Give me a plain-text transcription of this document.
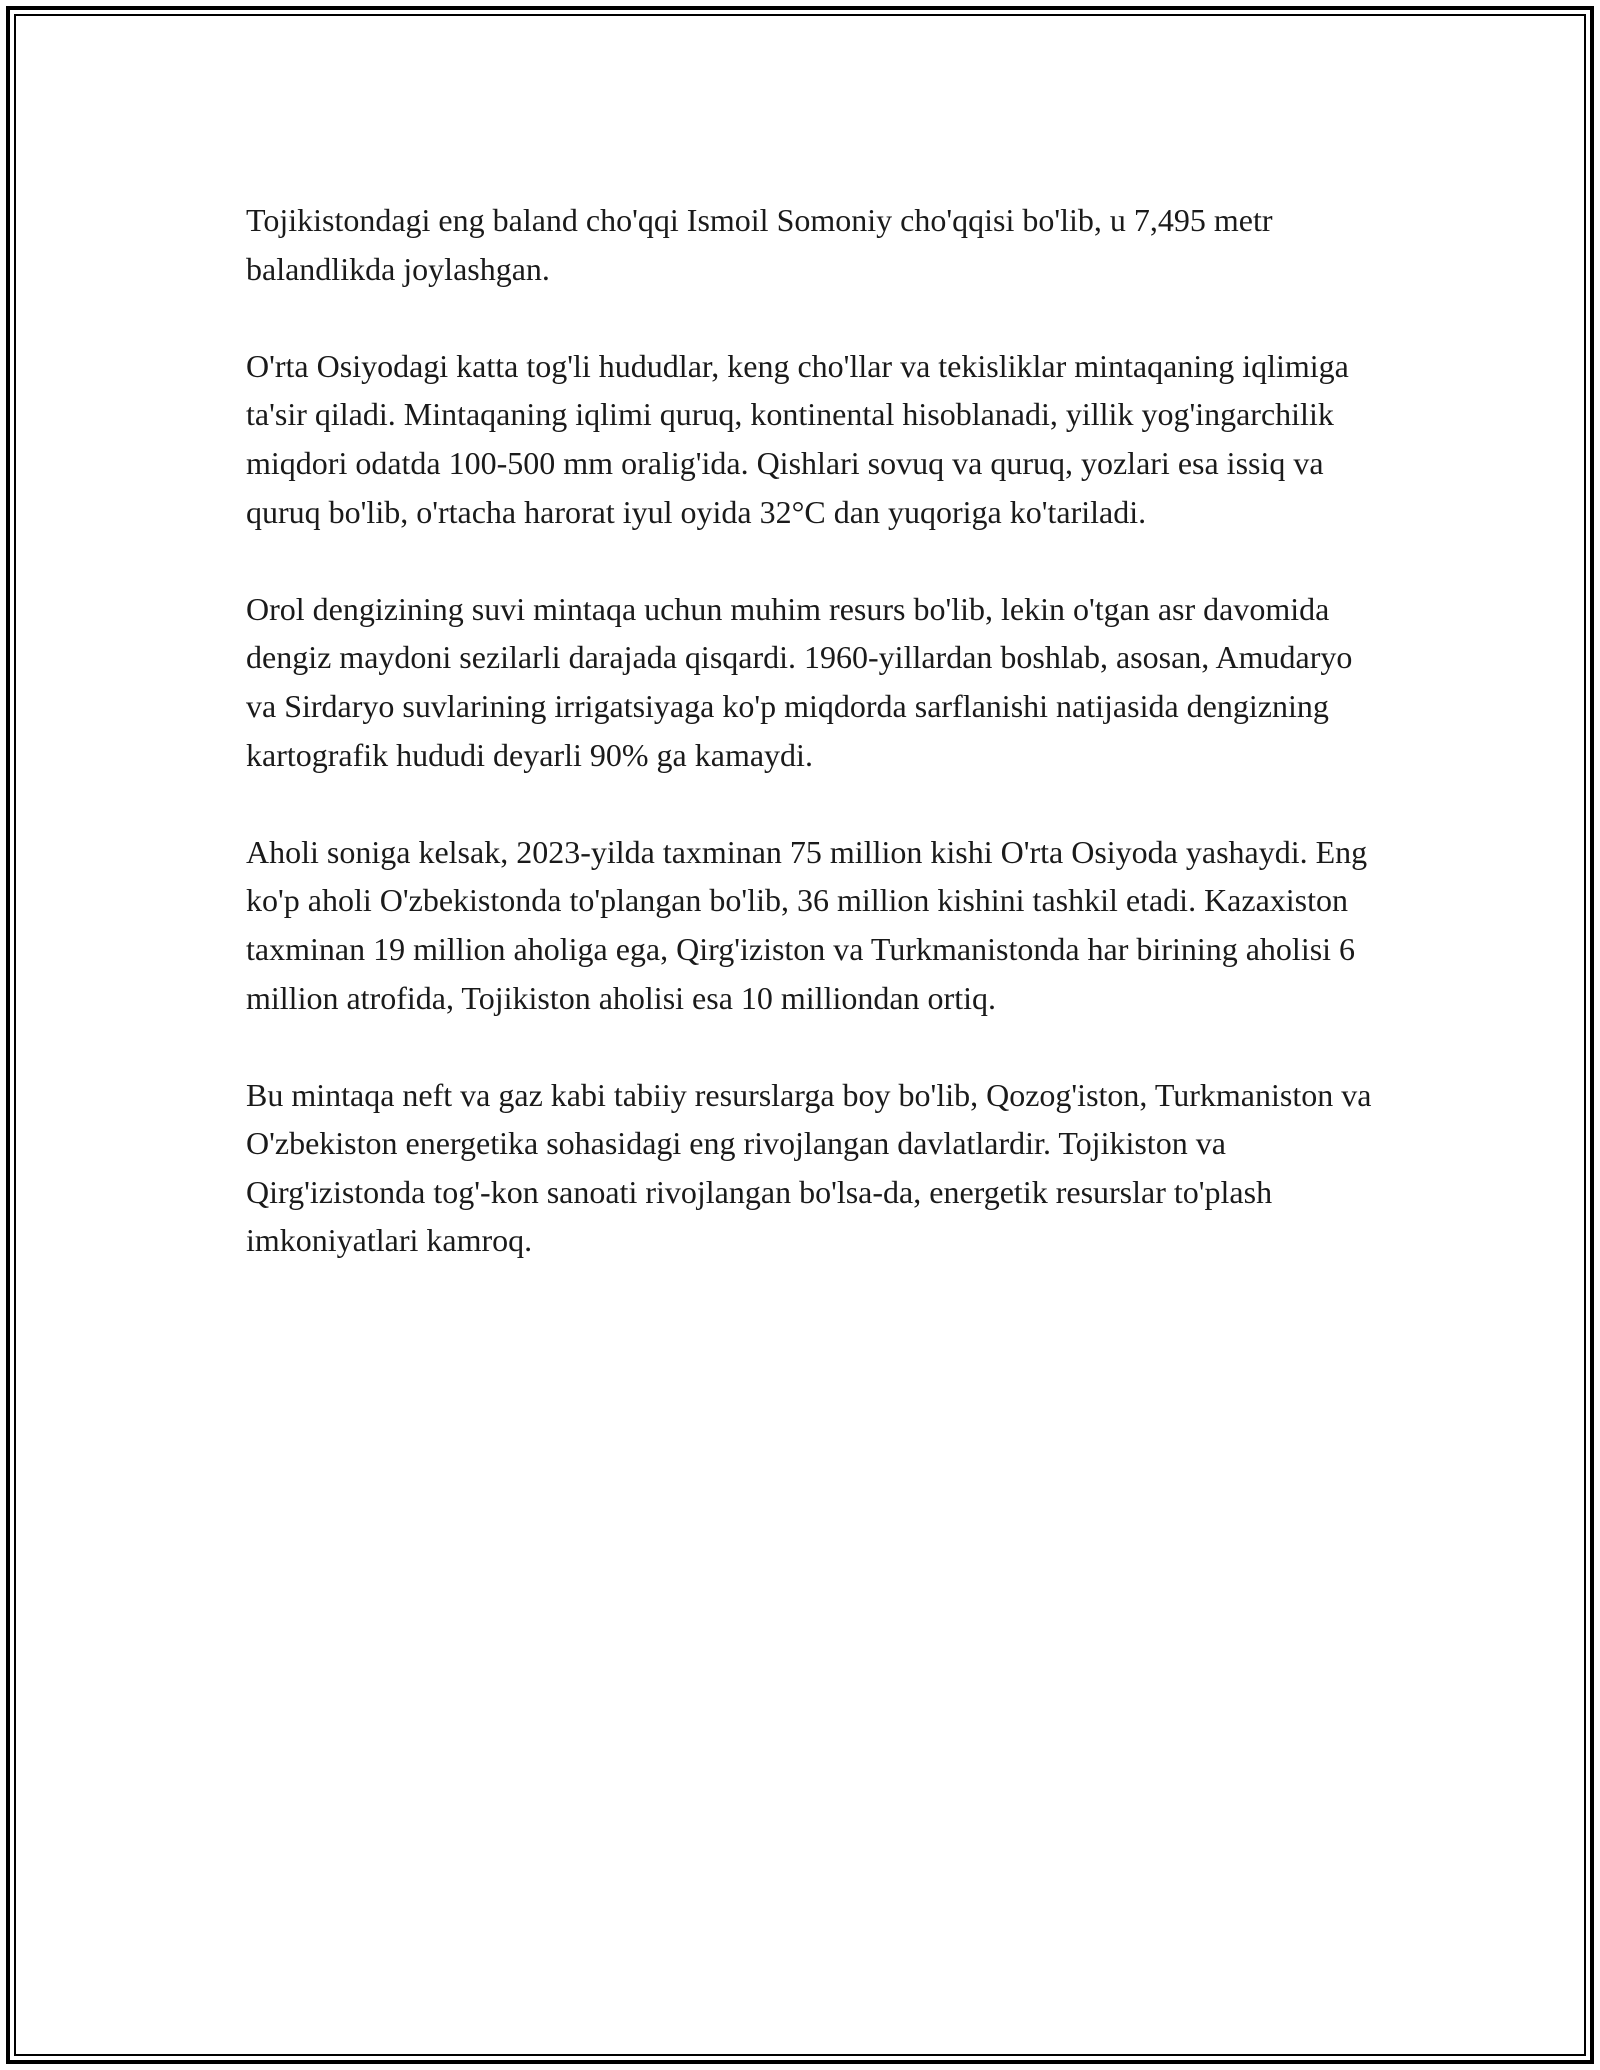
Tojikistondagi eng baland cho'qqi Ismoil Somoniy cho'qqisi bo'lib, u 7,495 metr balandlikda joylashgan.

O'rta Osiyodagi katta tog'li hududlar, keng cho'llar va tekisliklar mintaqaning iqlimiga ta'sir qiladi. Mintaqaning iqlimi quruq, kontinental hisoblanadi, yillik yog'ingarchilik miqdori odatda 100-500 mm oralig'ida. Qishlari sovuq va quruq, yozlari esa issiq va quruq bo'lib, o'rtacha harorat iyul oyida 32°C dan yuqoriga ko'tariladi.

Orol dengizining suvi mintaqa uchun muhim resurs bo'lib, lekin o'tgan asr davomida dengiz maydoni sezilarli darajada qisqardi. 1960-yillardan boshlab, asosan, Amudaryo va Sirdaryo suvlarining irrigatsiyaga ko'p miqdorda sarflanishi natijasida dengizning kartografik hududi deyarli 90% ga kamaydi.

Aholi soniga kelsak, 2023-yilda taxminan 75 million kishi O'rta Osiyoda yashaydi. Eng ko'p aholi O'zbekistonda to'plangan bo'lib, 36 million kishini tashkil etadi. Kazaxiston taxminan 19 million aholiga ega, Qirg'iziston va Turkmanistonda har birining aholisi 6 million atrofida, Tojikiston aholisi esa 10 milliondan ortiq.

Bu mintaqa neft va gaz kabi tabiiy resurslarga boy bo'lib, Qozog'iston, Turkmaniston va O'zbekiston energetika sohasidagi eng rivojlangan davlatlardir. Tojikiston va Qirg'izistonda tog'-kon sanoati rivojlangan bo'lsa-da, energetik resurslar to'plash imkoniyatlari kamroq.
